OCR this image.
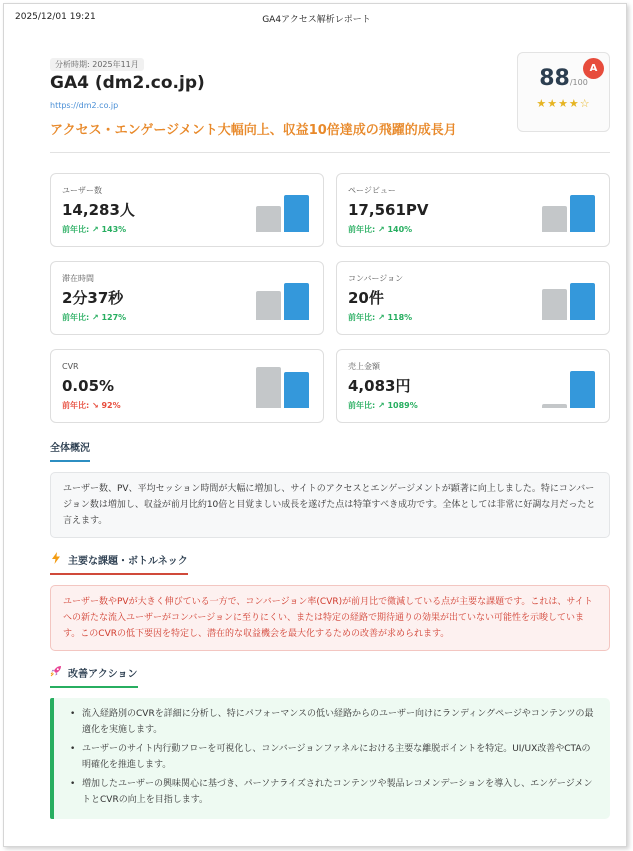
2025/12/01 19:21	GA4アクセス解析レポート
分析時期: 2025年11月
GA4 (dm2.co.jp)
https://dm2.co.jp
アクセス・エンゲージメント大幅向上、収益10倍達成の飛躍的成長月
88/100
★★★★☆
A
ユーザー数
14,283人
前年比: ↗ 143%
ページビュー
17,561PV
前年比: ↗ 140%
滞在時間
2分37秒
前年比: ↗ 127%
コンバージョン
20件
前年比: ↗ 118%
CVR
0.05%
前年比: ↘ 92%
売上金額
4,083円
前年比: ↗ 1089%
全体概況

ユーザー数、PV、平均セッション時間が大幅に増加し、サイトのアクセスとエンゲージメントが顕著に向上しました。特にコンバージョン数は増加し、収益が前月比約10倍と目覚ましい成長を遂げた点は特筆すべき成功です。全体としては非常に好調な月だったと言えます。

主要な課題・ボトルネック

ユーザー数やPVが大きく伸びている一方で、コンバージョン率(CVR)が前月比で微減している点が主要な課題です。これは、サイトへの新たな流入ユーザーがコンバージョンに至りにくい、または特定の経路で期待通りの効果が出ていない可能性を示唆しています。このCVRの低下要因を特定し、潜在的な収益機会を最大化するための改善が求められます。

改善アクション
• 流入経路別のCVRを詳細に分析し、特にパフォーマンスの低い経路からのユーザー向けにランディングページやコンテンツの最適化を実施します。
• ユーザーのサイト内行動フローを可視化し、コンバージョンファネルにおける主要な離脱ポイントを特定。UI/UX改善やCTAの明確化を推進します。
• 増加したユーザーの興味関心に基づき、パーソナライズされたコンテンツや製品レコメンデーションを導入し、エンゲージメントとCVRの向上を目指します。
